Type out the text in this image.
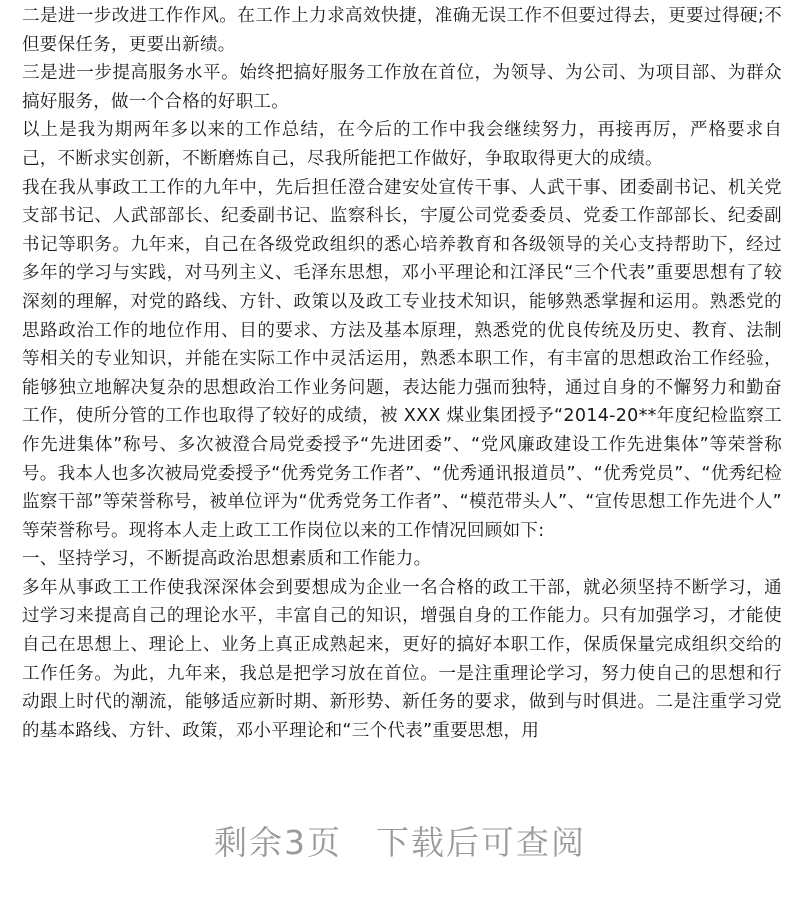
二是进一步改进工作作风。在工作上力求高效快捷，准确无误工作不但要过得去，更要过得硬;不但要保任务，更要出新绩。

三是进一步提高服务水平。始终把搞好服务工作放在首位，为领导、为公司、为项目部、为群众搞好服务，做一个合格的好职工。

以上是我为期两年多以来的工作总结，在今后的工作中我会继续努力，再接再厉，严格要求自己，不断求实创新，不断磨炼自己，尽我所能把工作做好，争取取得更大的成绩。

我在我从事政工工作的九年中，先后担任澄合建安处宣传干事、人武干事、团委副书记、机关党支部书记、人武部部长、纪委副书记、监察科长，宇厦公司党委委员、党委工作部部长、纪委副书记等职务。九年来，自己在各级党政组织的悉心培养教育和各级领导的关心支持帮助下，经过多年的学习与实践，对马列主义、毛泽东思想，邓小平理论和江泽民“三个代表”重要思想有了较深刻的理解，对党的路线、方针、政策以及政工专业技术知识，能够熟悉掌握和运用。熟悉党的思路政治工作的地位作用、目的要求、方法及基本原理，熟悉党的优良传统及历史、教育、法制等相关的专业知识，并能在实际工作中灵活运用，熟悉本职工作，有丰富的思想政治工作经验，能够独立地解决复杂的思想政治工作业务问题，表达能力强而独特，通过自身的不懈努力和勤奋工作，使所分管的工作也取得了较好的成绩，被 XXX 煤业集团授予“2014-20**年度纪检监察工作先进集体”称号、多次被澄合局党委授予“先进团委”、“党风廉政建设工作先进集体”等荣誉称号。我本人也多次被局党委授予“优秀党务工作者”、“优秀通讯报道员”、“优秀党员”、“优秀纪检监察干部”等荣誉称号，被单位评为“优秀党务工作者”、“模范带头人”、“宣传思想工作先进个人” 等荣誉称号。现将本人走上政工工作岗位以来的工作情况回顾如下:

一、坚持学习，不断提高政治思想素质和工作能力。

多年从事政工工作使我深深体会到要想成为企业一名合格的政工干部，就必须坚持不断学习，通过学习来提高自己的理论水平，丰富自己的知识，增强自身的工作能力。只有加强学习，才能使自己在思想上、理论上、业务上真正成熟起来，更好的搞好本职工作，保质保量完成组织交给的工作任务。为此，九年来，我总是把学习放在首位。一是注重理论学习，努力使自己的思想和行动跟上时代的潮流，能够适应新时期、新形势、新任务的要求，做到与时俱进。二是注重学习党的基本路线、方针、政策，邓小平理论和“三个代表”重要思想，用

剩余3页 下载后可查阅
